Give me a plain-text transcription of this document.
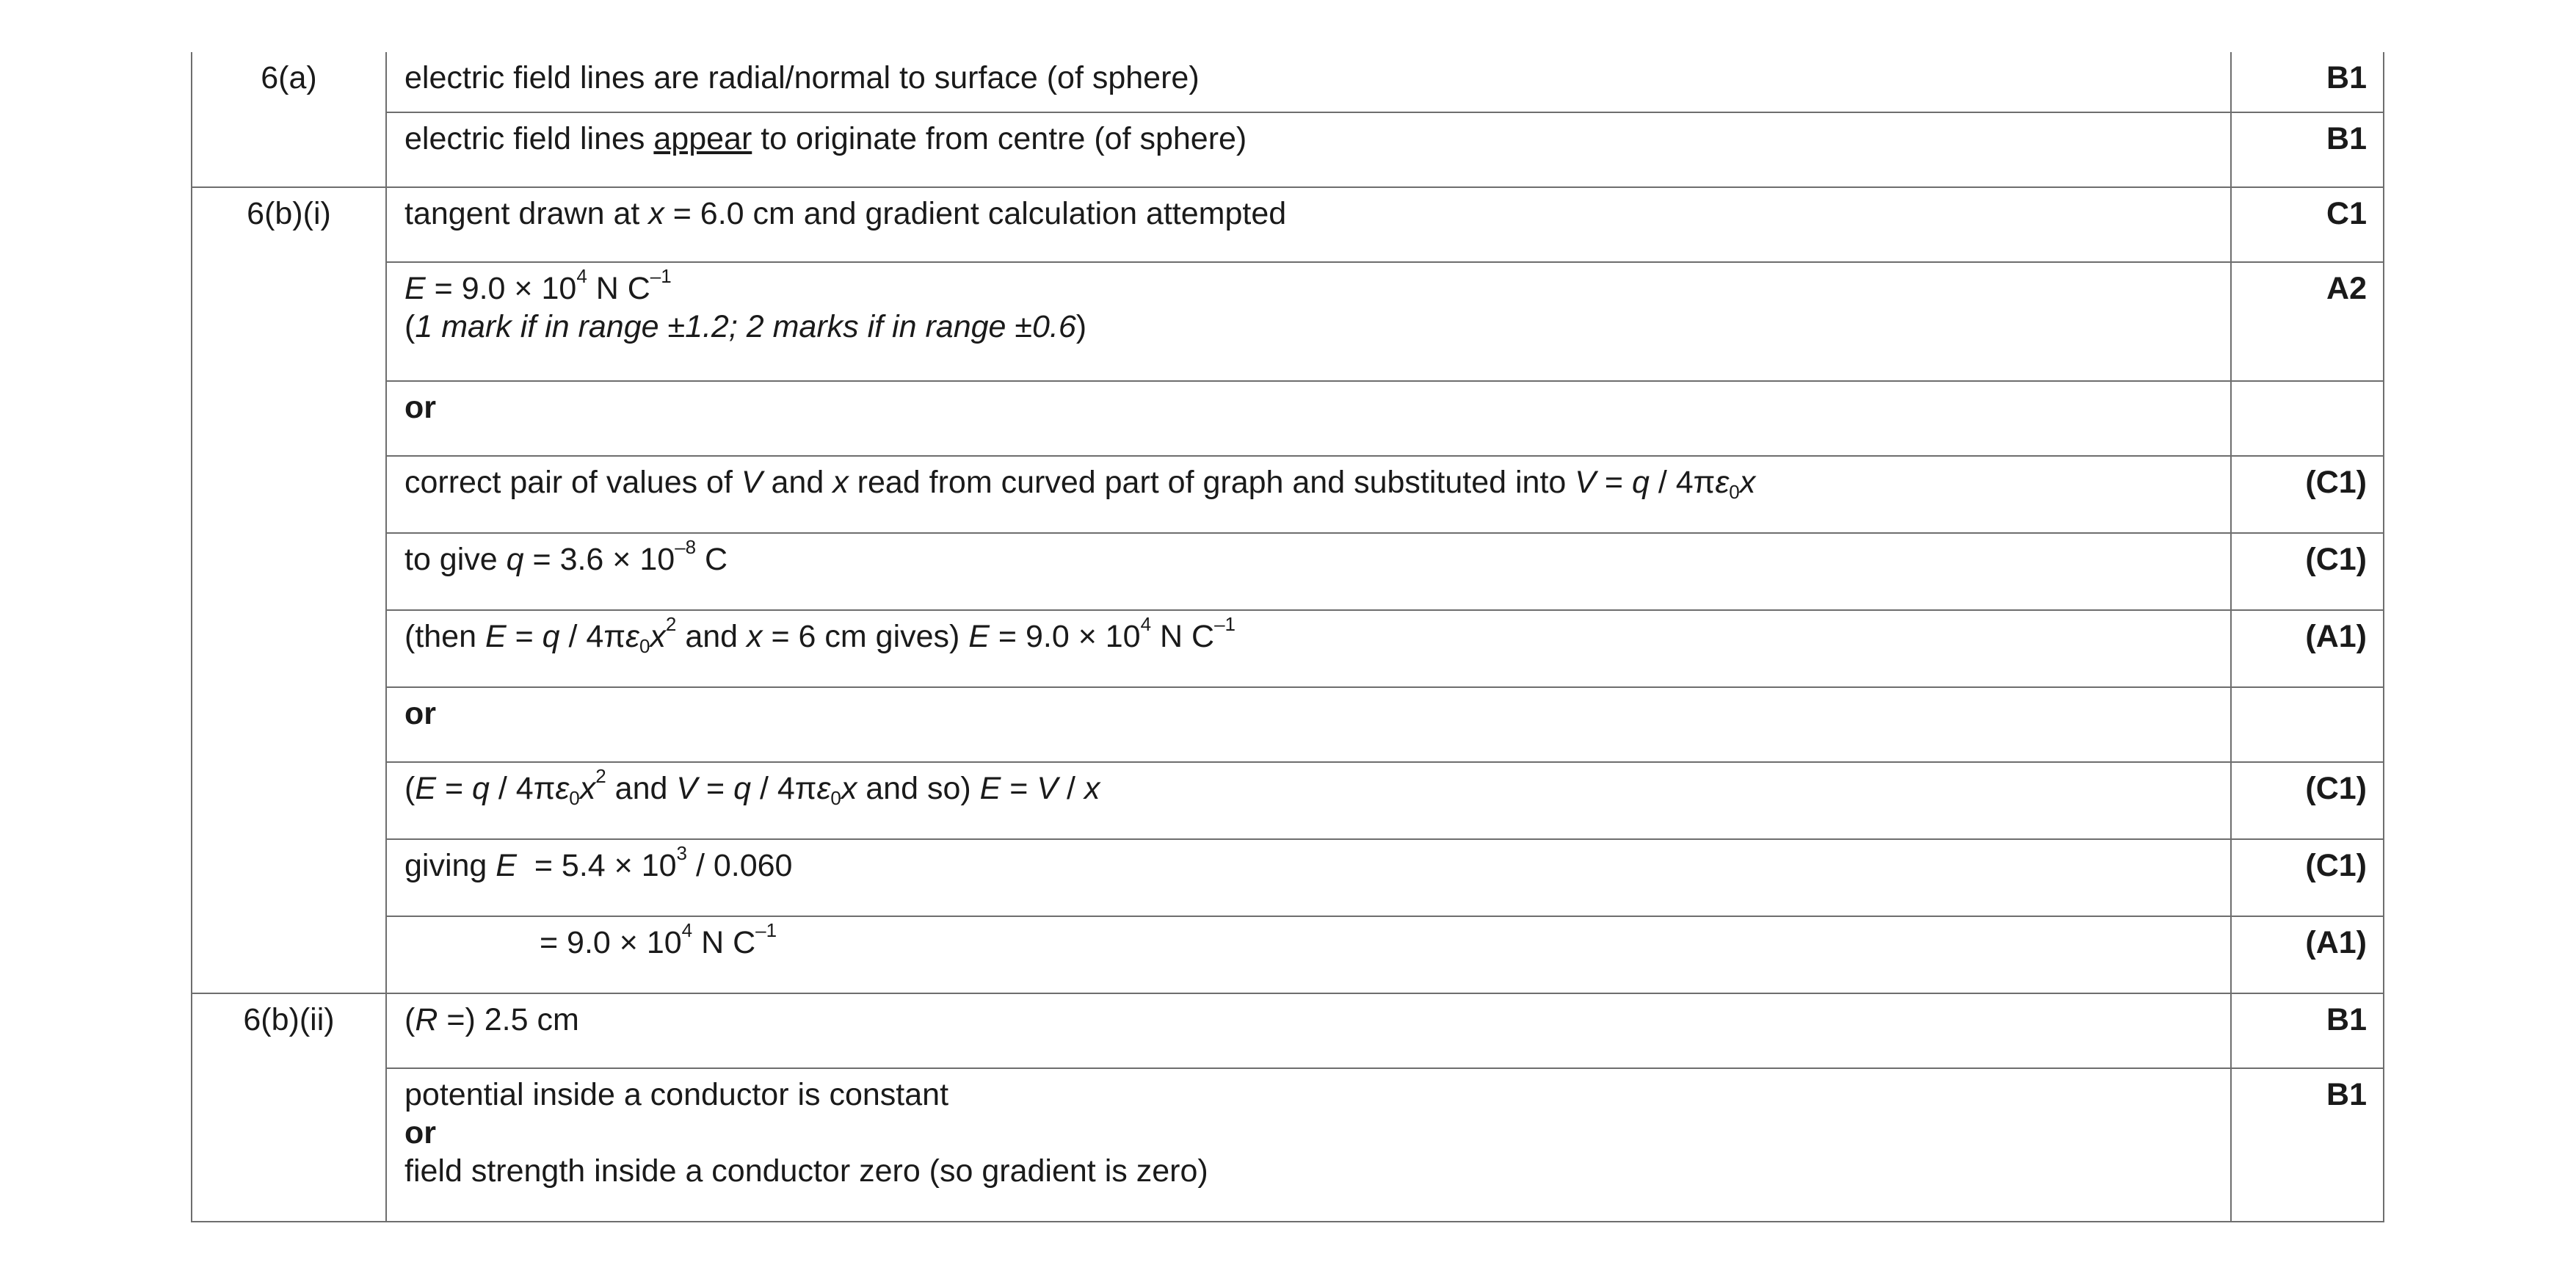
6(a)	electric field lines are radial/normal to surface (of sphere)	B1

	electric field lines appear to originate from centre (of sphere)	B1

6(b)(i)	tangent drawn at x = 6.0 cm and gradient calculation attempted	C1

	$E = 9.0 \times 10^4$ N $C^{-1}$
(1 mark if in range ±1.2; 2 marks if in range ±0.6)	A2

	or	

	correct pair of values of V and x read from curved part of graph and substituted into $V = q / 4\pi\varepsilon_0x$	(C1)

	to give $q = 3.6 \times 10^{-8}$ C	(C1)

	(then $E = q / 4\pi\varepsilon_0x^2$ and x = 6 cm gives) $E = 9.0 \times 10^4$ N $C^{-1}$	(A1)

	or	

	($E = q / 4\pi\varepsilon_0x^2$ and $V = q / 4\pi\varepsilon_0x$ and so) E = V / x	(C1)

	giving $E = 5.4 \times 10^3 / 0.060$	(C1)

	= $9.0 \times 10^4$ N $C^{-1}$	(A1)

6(b)(ii)	(R =) 2.5 cm	B1

	potential inside a conductor is constant
or
field strength inside a conductor zero (so gradient is zero)	B1
